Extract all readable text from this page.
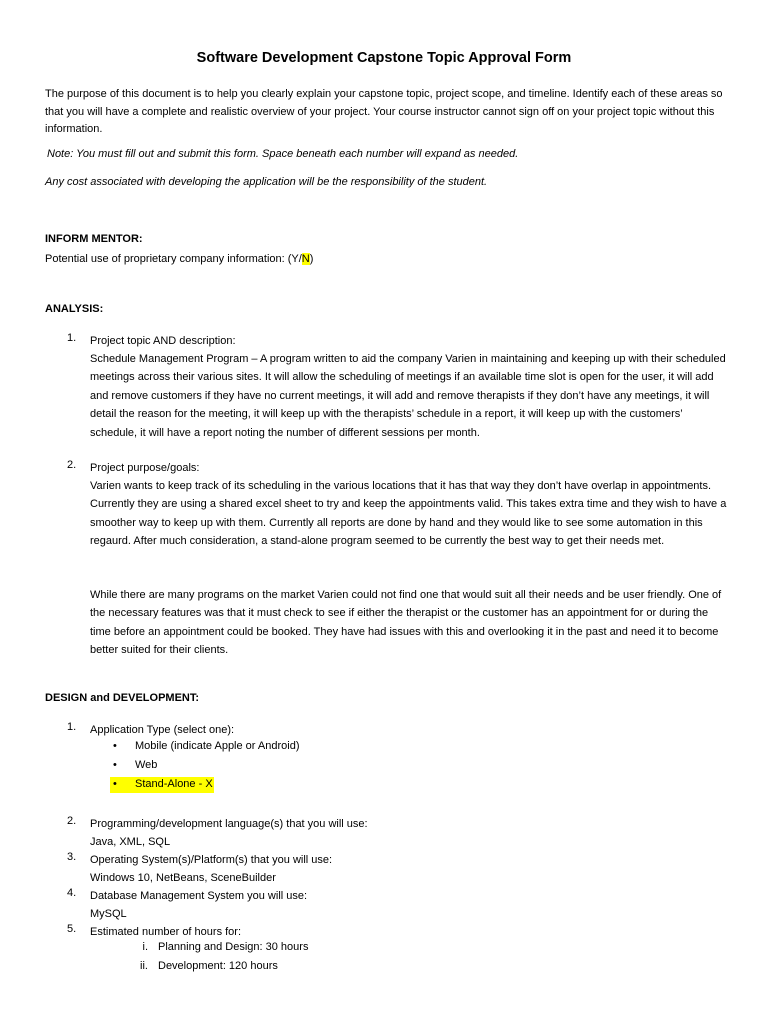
Software Development Capstone Topic Approval Form
The purpose of this document is to help you clearly explain your capstone topic, project scope, and timeline. Identify each of these areas so that you will have a complete and realistic overview of your project. Your course instructor cannot sign off on your project topic without this information.
Note: You must fill out and submit this form. Space beneath each number will expand as needed.
Any cost associated with developing the application will be the responsibility of the student.
INFORM MENTOR:
Potential use of proprietary company information: (Y/N)
ANALYSIS:
1. Project topic AND description:
Schedule Management Program – A program written to aid the company Varien in maintaining and keeping up with their scheduled meetings across their various sites. It will allow the scheduling of meetings if an available time slot is open for the user, it will add and remove customers if they have no current meetings, it will add and remove therapists if they don’t have any meetings, it will detail the reason for the meeting, it will keep up with the therapists’ schedule in a report, it will keep up with the customers’ schedule, it will have a report noting the number of different sessions per month.
2. Project purpose/goals:
Varien wants to keep track of its scheduling in the various locations that it has that way they don’t have overlap in appointments. Currently they are using a shared excel sheet to try and keep the appointments valid. This takes extra time and they wish to have a smoother way to keep up with them. Currently all reports are done by hand and they would like to see some automation in this regaurd. After much consideration, a stand-alone program seemed to be currently the best way to get their needs met.
While there are many programs on the market Varien could not find one that would suit all their needs and be user friendly. One of the necessary features was that it must check to see if either the therapist or the customer has an appointment for or during the time before an appointment could be booked. They have had issues with this and overlooking it in the past and need it to become better suited for their clients.
DESIGN and DEVELOPMENT:
1. Application Type (select one):
• Mobile (indicate Apple or Android)
• Web
• Stand-Alone - X
2. Programming/development language(s) that you will use:
Java, XML, SQL
3. Operating System(s)/Platform(s) that you will use:
Windows 10, NetBeans, SceneBuilder
4. Database Management System you will use:
MySQL
5. Estimated number of hours for:
i. Planning and Design: 30 hours
ii. Development: 120 hours
